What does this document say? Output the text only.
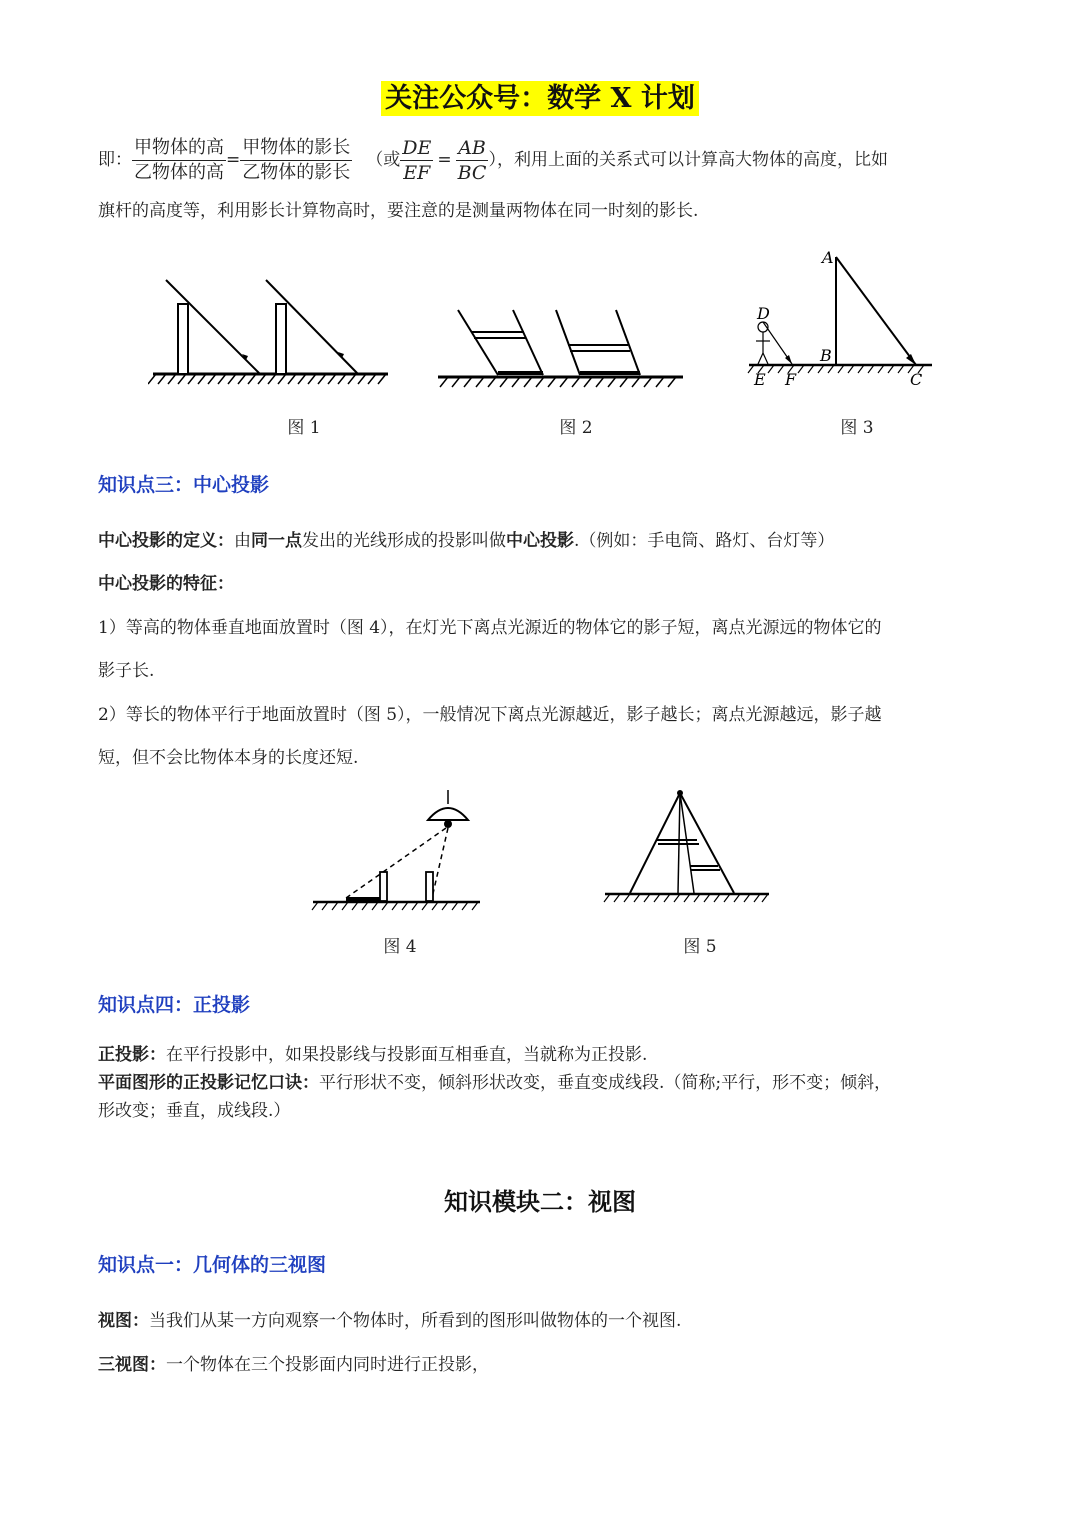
关注公众号：数学 X 计划
即： $\frac{\text{甲物体的高}}{\text{乙物体的高}} = \frac{\text{甲物体的影长}}{\text{乙物体的影长}}$ （或 $\frac{DE}{EF} = \frac{AB}{BC}$ ），利用上面的关系式可以计算高大物体的高度，比如
旗杆的高度等，利用影长计算物高时，要注意的是测量两物体在同一时刻的影长.
图 1	图 2
A
B
C
D
E F
图 3
知识点三：中心投影
中心投影的定义：由同一点发出的光线形成的投影叫做中心投影.（例如：手电筒、路灯、台灯等）
中心投影的特征：
1）等高的物体垂直地面放置时（图 4），在灯光下离点光源近的物体它的影子短，离点光源远的物体它的
影子长.
2）等长的物体平行于地面放置时（图 5），一般情况下离点光源越近，影子越长；离点光源越远，影子越
短，但不会比物体本身的长度还短.
图 4	图 5
知识点四：正投影
正投影：在平行投影中，如果投影线与投影面互相垂直，当就称为正投影.
平面图形的正投影记忆口诀：平行形状不变，倾斜形状改变，垂直变成线段.（简称;平行，形不变；倾斜，
形改变；垂直，成线段.）
知识模块二：视图
知识点一：几何体的三视图
视图：当我们从某一方向观察一个物体时，所看到的图形叫做物体的一个视图.
三视图：一个物体在三个投影面内同时进行正投影，
